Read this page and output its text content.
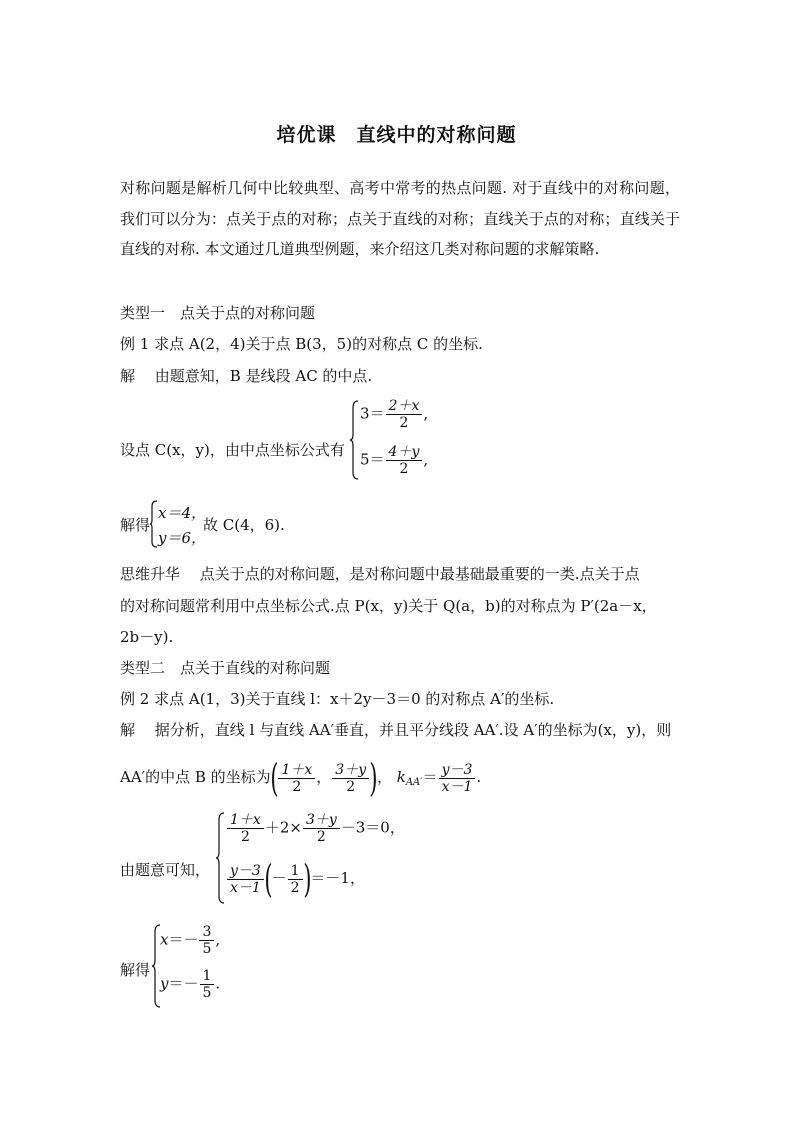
培优课　直线中的对称问题
对称问题是解析几何中比较典型、高考中常考的热点问题. 对于直线中的对称问题，我们可以分为：点关于点的对称；点关于直线的对称；直线关于点的对称；直线关于直线的对称. 本文通过几道典型例题，来介绍这几类对称问题的求解策略.
类型一　点关于点的对称问题
例 1 求点 A(2，4)关于点 B(3，5)的对称点 C 的坐标.
解　 由题意知，B 是线段 AC 的中点.
设点 C(x，y)，由中点坐标公式有
$3= \frac{2+x}{2}$ ,
$5= \frac{4+y}{2}$ ,
解得
x＝4，
y＝6，
故 C(4，6).
思维升华　 点关于点的对称问题，是对称问题中最基础最重要的一类.点关于点
的对称问题常利用中点坐标公式.点 P(x，y)关于 Q(a，b)的对称点为 P′(2a－x，
2b－y).
类型二　点关于直线的对称问题
例 2 求点 A(1，3)关于直线 l：x＋2y－3＝0 的对称点 A′的坐标.
解　 据分析，直线 l 与直线 AA′垂直，并且平分线段 AA′.设 A′的坐标为(x，y)，则
AA′的中点 B 的坐标为( $\frac{1+x}{2}$ ， $\frac{3+y}{2}$ )， $k_{AA'}= \frac{y-3}{x-1}$ .
由题意可知，
$\frac{1+x}{2} +2\times \frac{3+y}{2} -3=0$，
$\frac{y-3}{x-1}$ (－ $\frac{1}{2} )=-1$，
解得
$x=- \frac{3}{5}$ ,
$y=- \frac{1}{5}$ .
